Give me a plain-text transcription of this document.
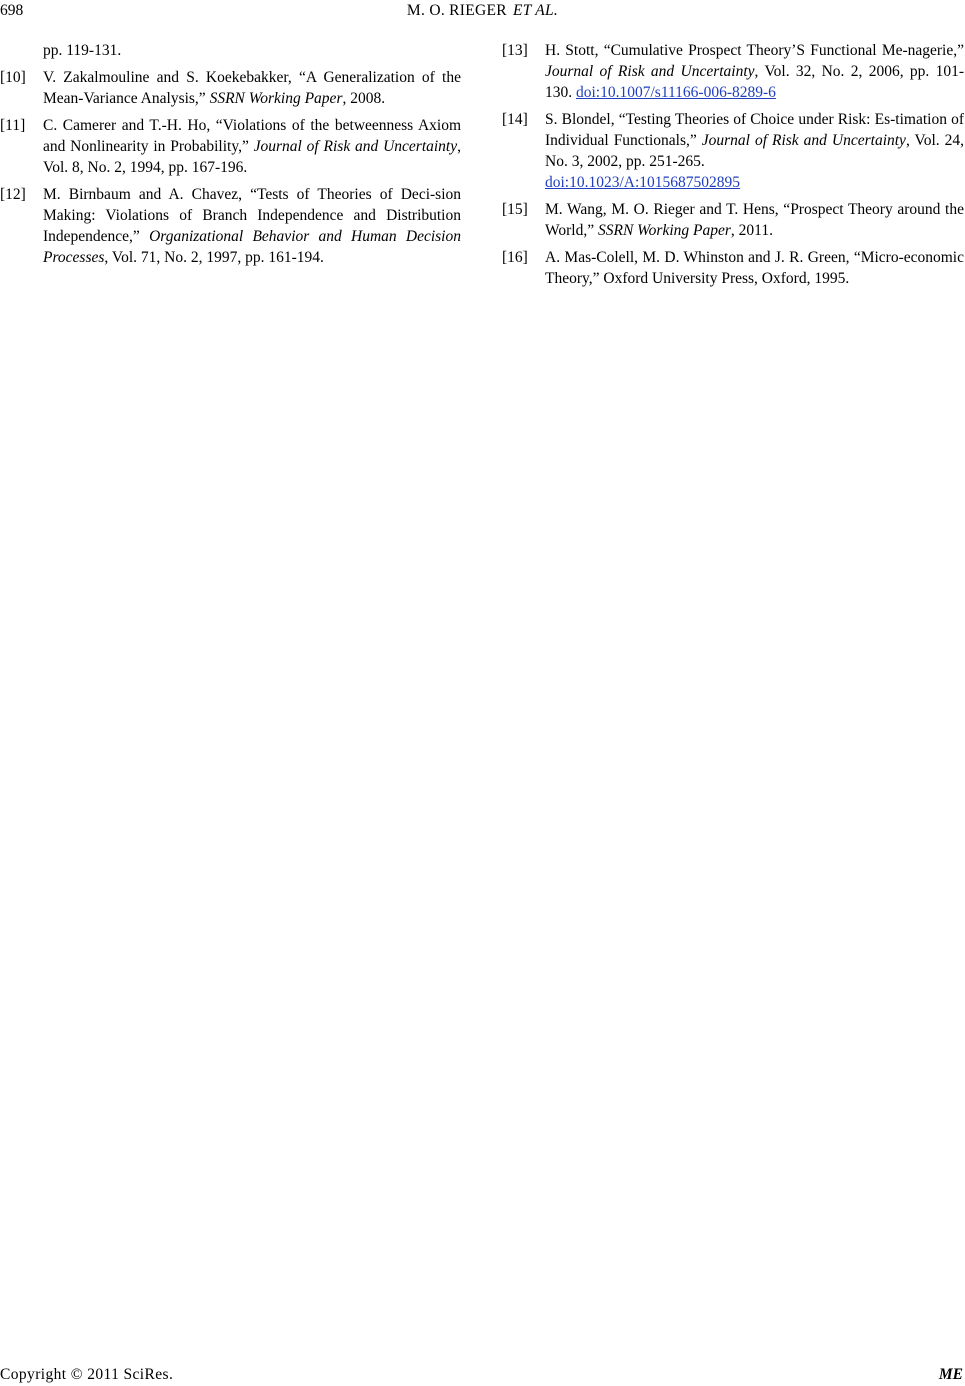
698	M. O. RIEGER ET AL.
pp. 119-131.
[10] V. Zakalmouline and S. Koekebakker, “A Generalization of the Mean-Variance Analysis,” SSRN Working Paper, 2008.
[11] C. Camerer and T.-H. Ho, “Violations of the betweenness Axiom and Nonlinearity in Probability,” Journal of Risk and Uncertainty, Vol. 8, No. 2, 1994, pp. 167-196.
[12] M. Birnbaum and A. Chavez, “Tests of Theories of Deci-sion Making: Violations of Branch Independence and Distribution Independence,” Organizational Behavior and Human Decision Processes, Vol. 71, No. 2, 1997, pp. 161-194.
[13] H. Stott, “Cumulative Prospect Theory’S Functional Me-nagerie,” Journal of Risk and Uncertainty, Vol. 32, No. 2, 2006, pp. 101-130. doi:10.1007/s11166-006-8289-6
[14] S. Blondel, “Testing Theories of Choice under Risk: Es-timation of Individual Functionals,” Journal of Risk and Uncertainty, Vol. 24, No. 3, 2002, pp. 251-265.
doi:10.1023/A:1015687502895
[15] M. Wang, M. O. Rieger and T. Hens, “Prospect Theory around the World,” SSRN Working Paper, 2011.
[16] A. Mas-Colell, M. D. Whinston and J. R. Green, “Micro-economic Theory,” Oxford University Press, Oxford, 1995.
Copyright © 2011 SciRes.	ME
